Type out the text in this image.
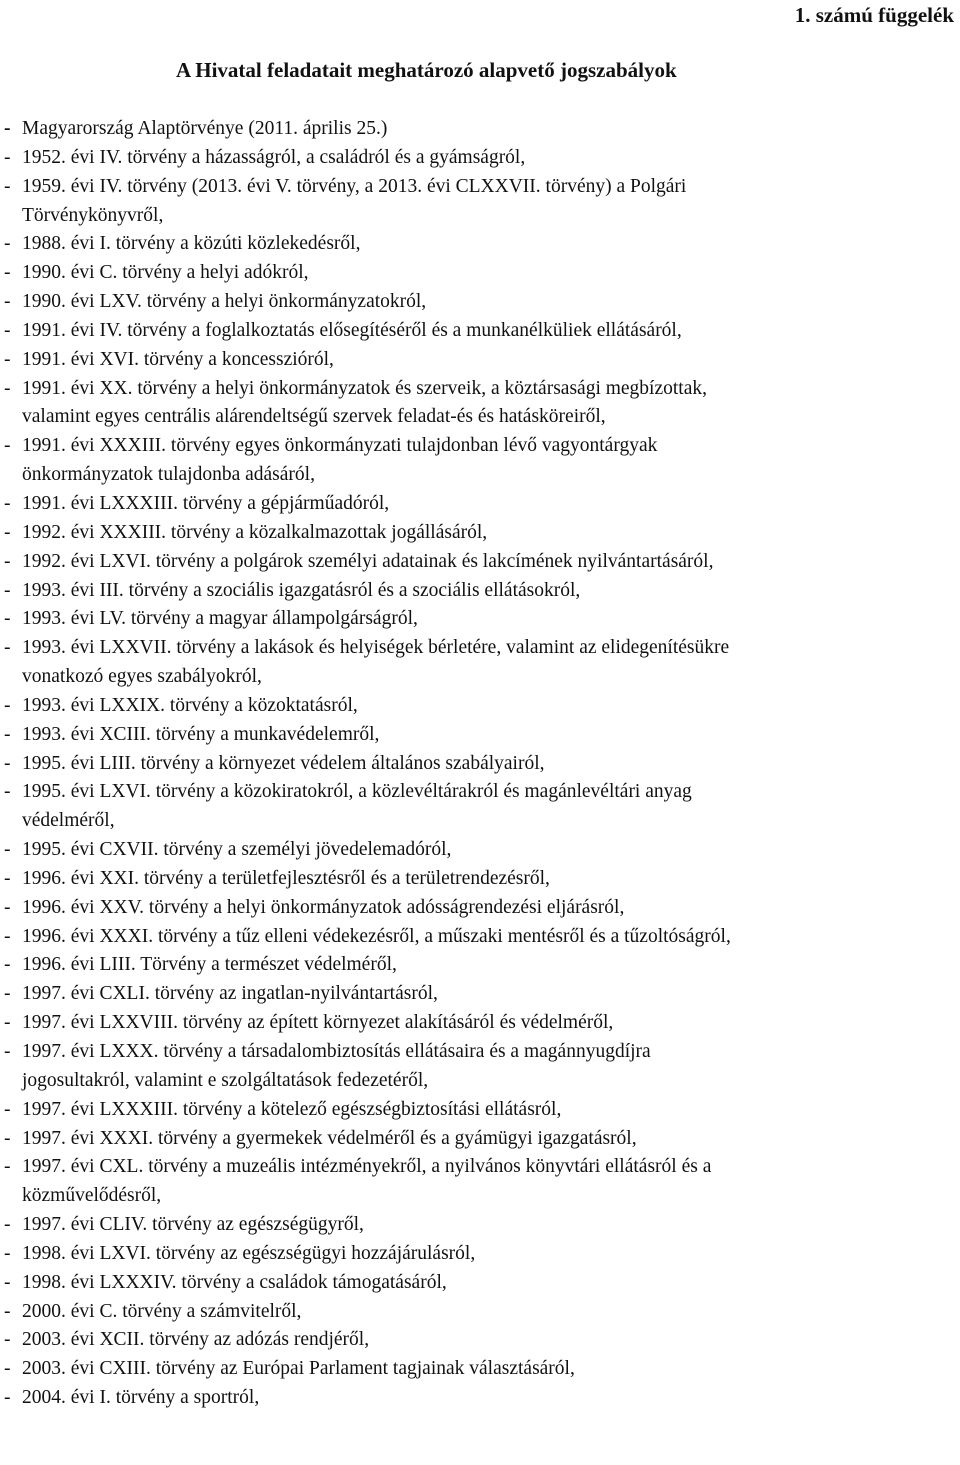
1. számú függelék

A Hivatal feladatait meghatározó alapvető jogszabályok
- Magyarország Alaptörvénye (2011. április 25.)
- 1952. évi IV. törvény a házasságról, a családról és a gyámságról,
- 1959. évi IV. törvény (2013. évi V. törvény, a 2013. évi CLXXVII. törvény) a Polgári
Törvénykönyvről,
- 1988. évi I. törvény a közúti közlekedésről,
- 1990. évi C. törvény a helyi adókról,
- 1990. évi LXV. törvény a helyi önkormányzatokról,
- 1991. évi IV. törvény a foglalkoztatás elősegítéséről és a munkanélküliek ellátásáról,
- 1991. évi XVI. törvény a koncesszióról,
- 1991. évi XX. törvény a helyi önkormányzatok és szerveik, a köztársasági megbízottak,
valamint egyes centrális alárendeltségű szervek feladat-és és hatásköreiről,
- 1991. évi XXXIII. törvény egyes önkormányzati tulajdonban lévő vagyontárgyak
önkormányzatok tulajdonba adásáról,
- 1991. évi LXXXIII. törvény a gépjárműadóról,
- 1992. évi XXXIII. törvény a közalkalmazottak jogállásáról,
- 1992. évi LXVI. törvény a polgárok személyi adatainak és lakcímének nyilvántartásáról,
- 1993. évi III. törvény a szociális igazgatásról és a szociális ellátásokról,
- 1993. évi LV. törvény a magyar állampolgárságról,
- 1993. évi LXXVII. törvény a lakások és helyiségek bérletére, valamint az elidegenítésükre
vonatkozó egyes szabályokról,
- 1993. évi LXXIX. törvény a közoktatásról,
- 1993. évi XCIII. törvény a munkavédelemről,
- 1995. évi LIII. törvény a környezet védelem általános szabályairól,
- 1995. évi LXVI. törvény a közokiratokról, a közlevéltárakról és magánlevéltári anyag
védelméről,
- 1995. évi CXVII. törvény a személyi jövedelemadóról,
- 1996. évi XXI. törvény a területfejlesztésről és a területrendezésről,
- 1996. évi XXV. törvény a helyi önkormányzatok adósságrendezési eljárásról,
- 1996. évi XXXI. törvény a tűz elleni védekezésről, a műszaki mentésről és a tűzoltóságról,
- 1996. évi LIII. Törvény a természet védelméről,
- 1997. évi CXLI. törvény az ingatlan-nyilvántartásról,
- 1997. évi LXXVIII. törvény az épített környezet alakításáról és védelméről,
- 1997. évi LXXX. törvény a társadalombiztosítás ellátásaira és a magánnyugdíjra
jogosultakról, valamint e szolgáltatások fedezetéről,
- 1997. évi LXXXIII. törvény a kötelező egészségbiztosítási ellátásról,
- 1997. évi XXXI. törvény a gyermekek védelméről és a gyámügyi igazgatásról,
- 1997. évi CXL. törvény a muzeális intézményekről, a nyilvános könyvtári ellátásról és a
közművelődésről,
- 1997. évi CLIV. törvény az egészségügyről,
- 1998. évi LXVI. törvény az egészségügyi hozzájárulásról,
- 1998. évi LXXXIV. törvény a családok támogatásáról,
- 2000. évi C. törvény a számvitelről,
- 2003. évi XCII. törvény az adózás rendjéről,
- 2003. évi CXIII. törvény az Európai Parlament tagjainak választásáról,
- 2004. évi I. törvény a sportról,
